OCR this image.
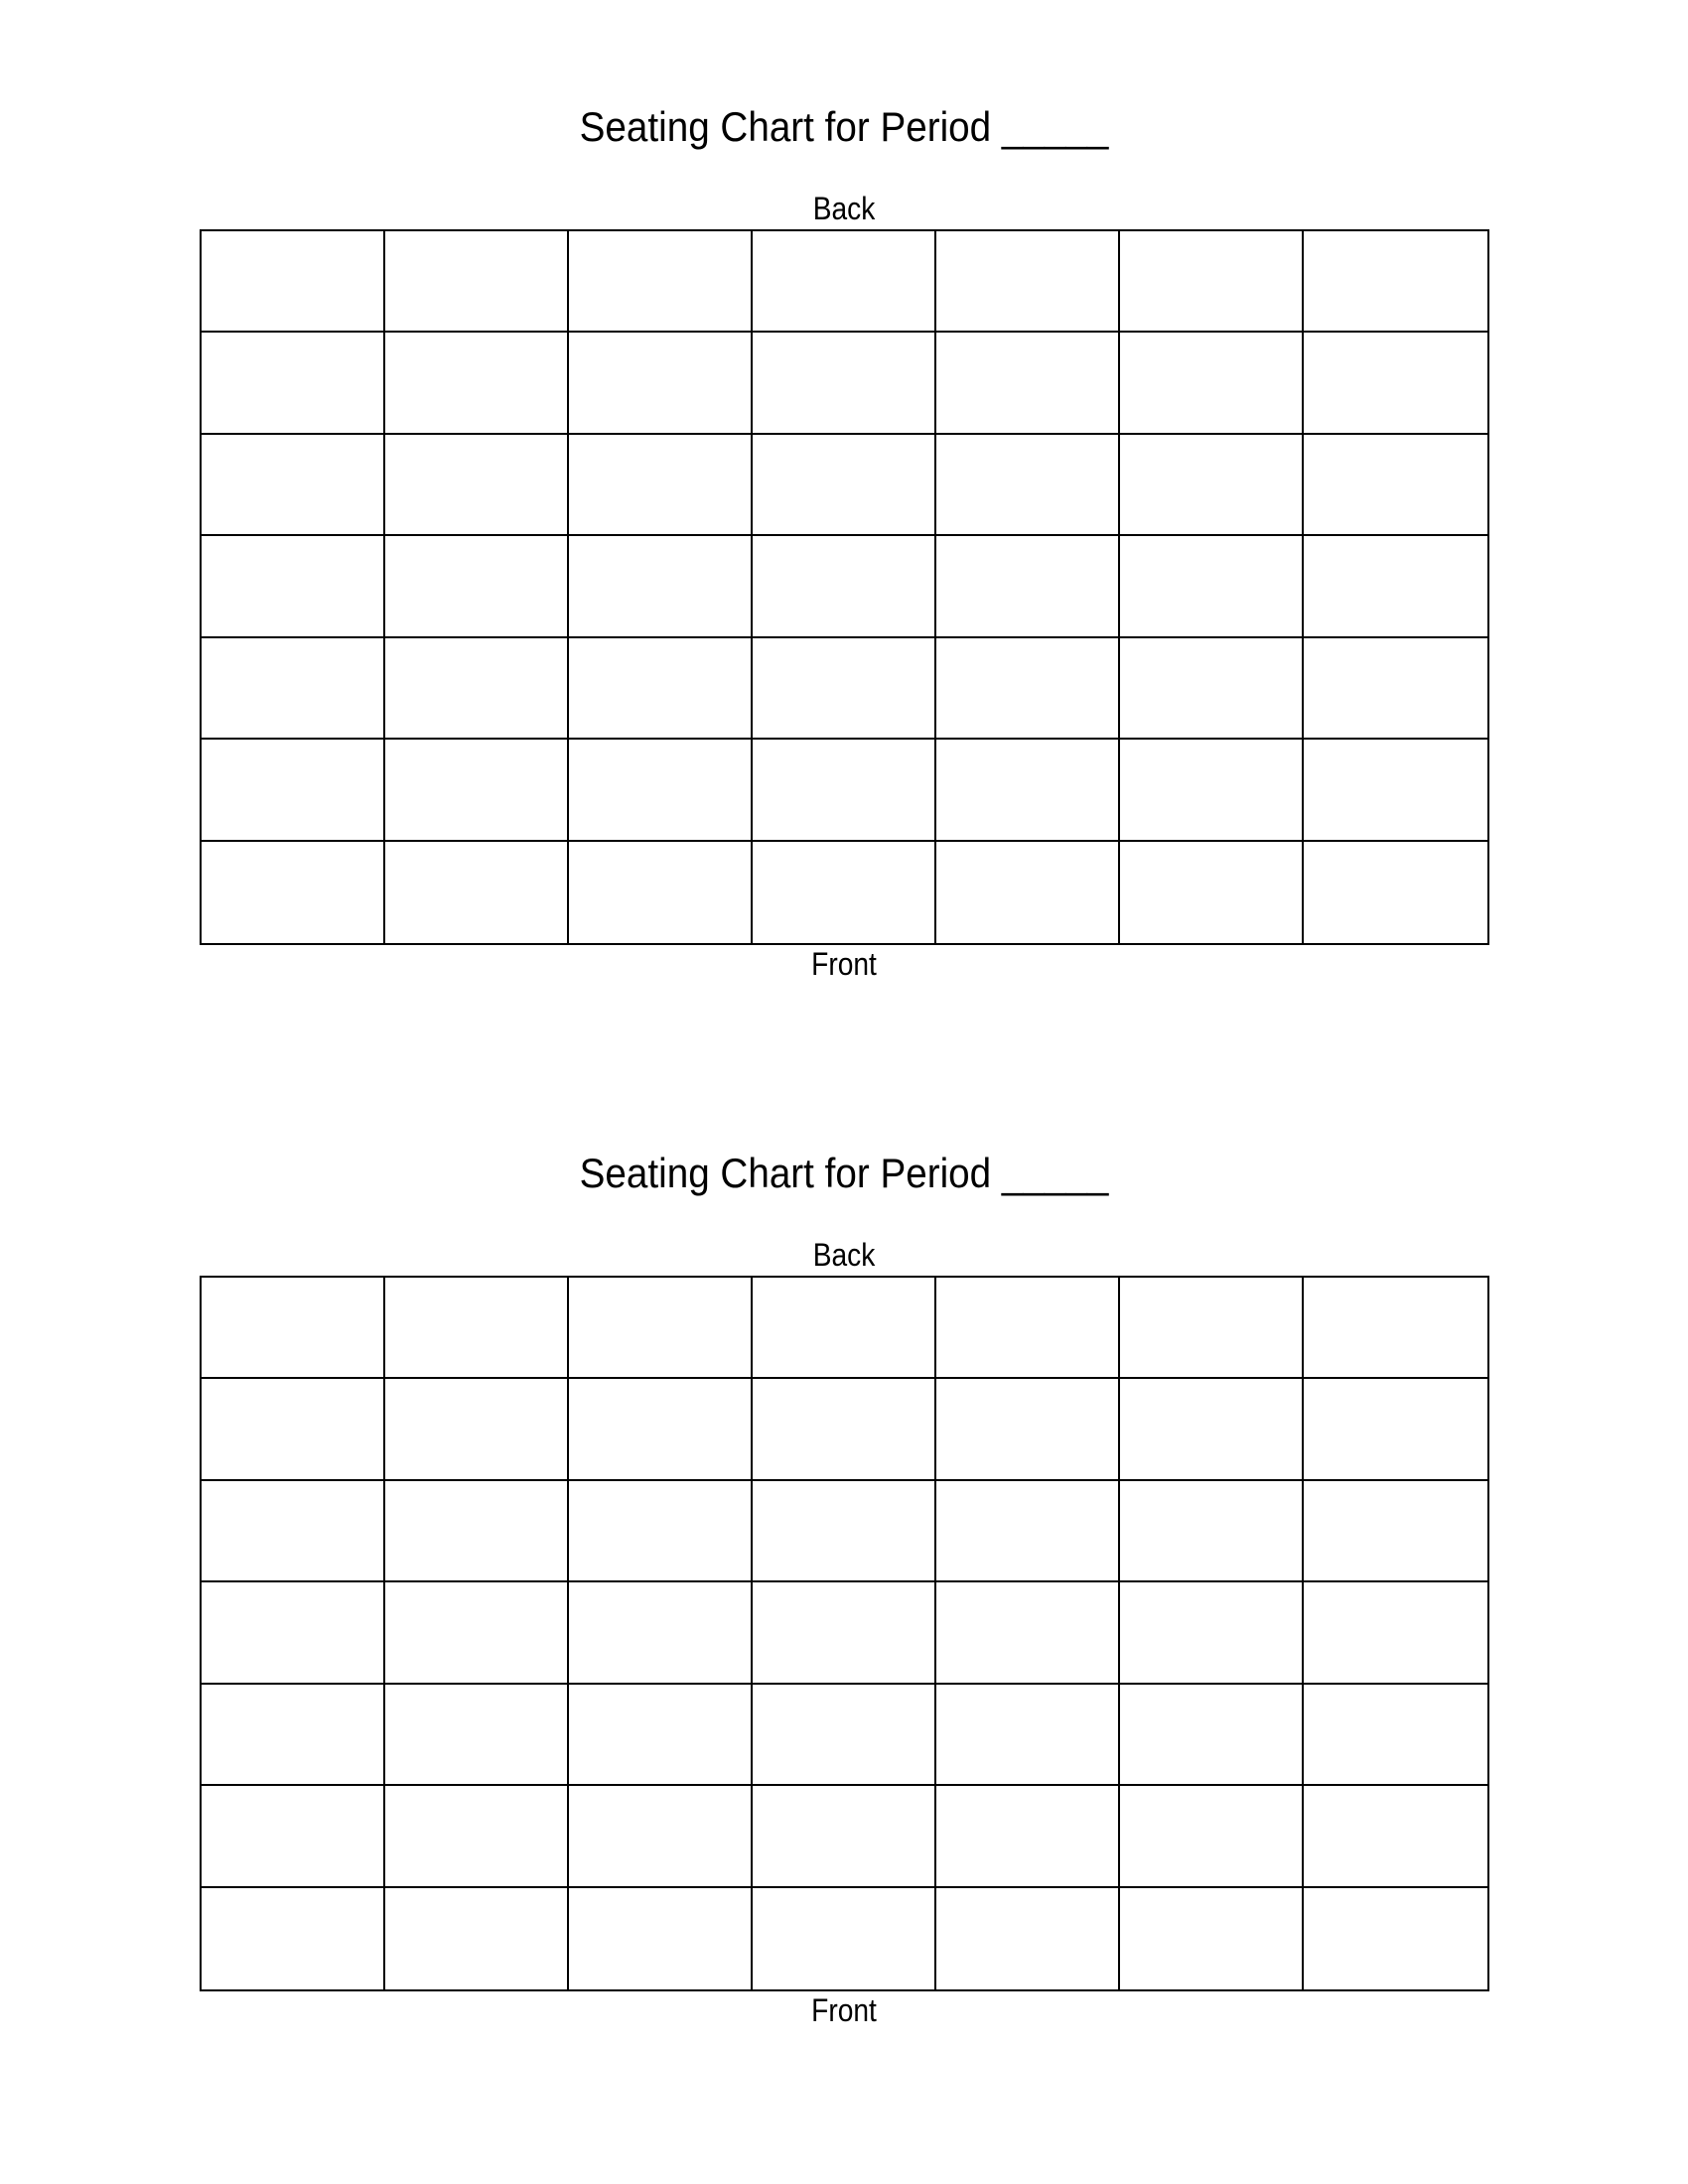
Seating Chart for Period _____
Back
Front
Seating Chart for Period _____
Back
Front
